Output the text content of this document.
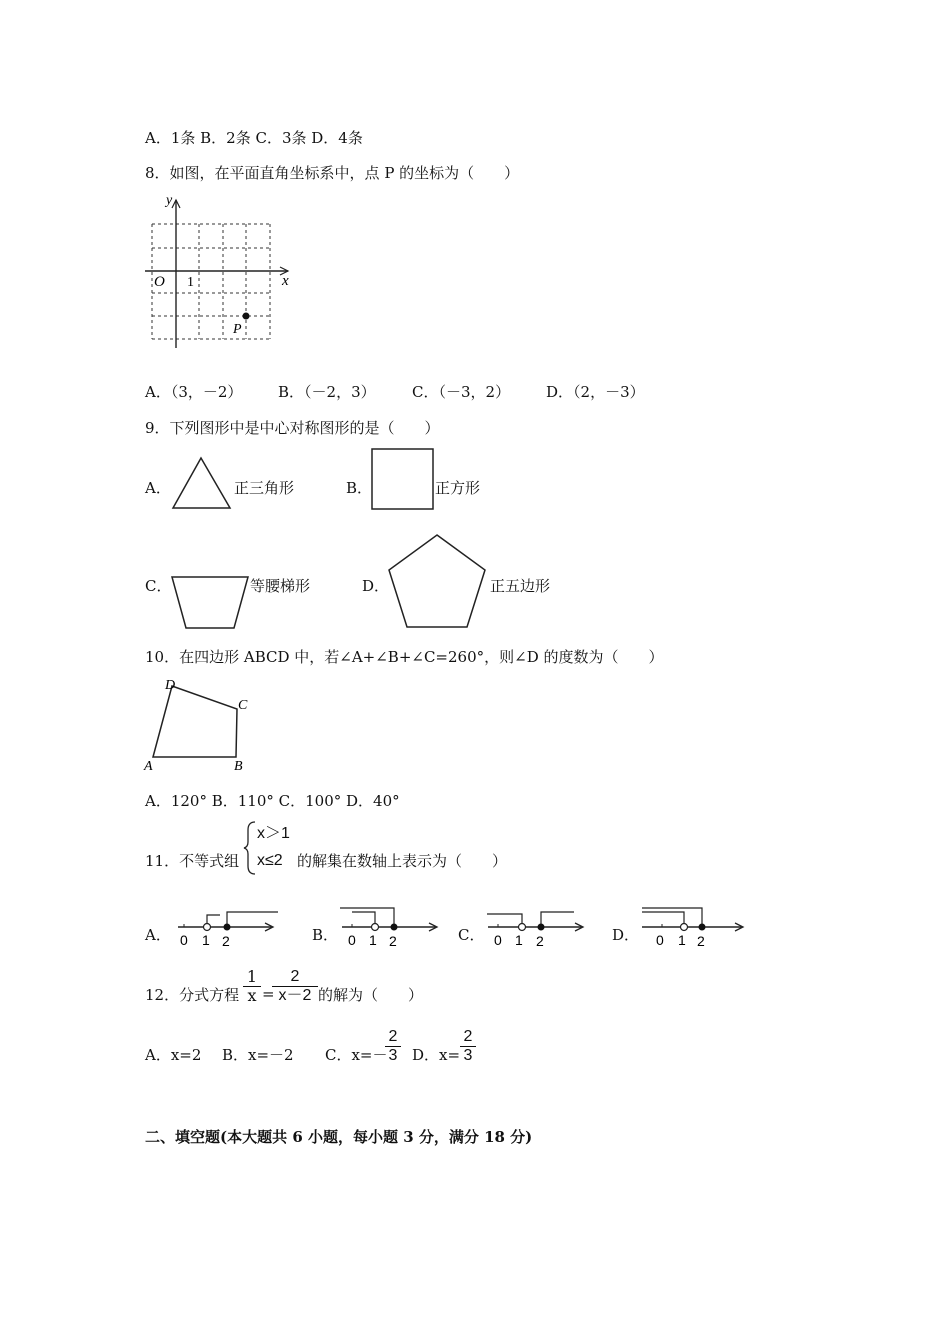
A．1条 B．2条 C．3条 D．4条
8．如图，在平面直角坐标系中，点 P 的坐标为（　　）
y
x
O 1
P
A．（3，－2） B．（－2，3） C．（－3，2） D．（2，－3）
9．下列图形中是中心对称图形的是（　　）
A．	正三角形	B．	正方形
C．	等腰梯形	D．	正五边形
10．在四边形 ABCD 中，若∠A+∠B+∠C=260°，则∠D 的度数为（　　）
D
C
A	B
A．120° B．110° C．100° D．40°
11．不等式组
x＞1
x≤2 的解集在数轴上表示为（　　）
A． 0 1 2	B． 0 1 2	C． 0 1 2	D． 0 1 2
12．分式方程 $\frac{1}{x}$ =
$\frac{2}{x-2}$ 的解为（　　）
A．x=2 B．x=－2 C．x=－
$\frac{2}{3}$ D．$x= \frac{2}{3}$
二、填空题(本大题共 6 小题，每小题 3 分，满分 18 分)
